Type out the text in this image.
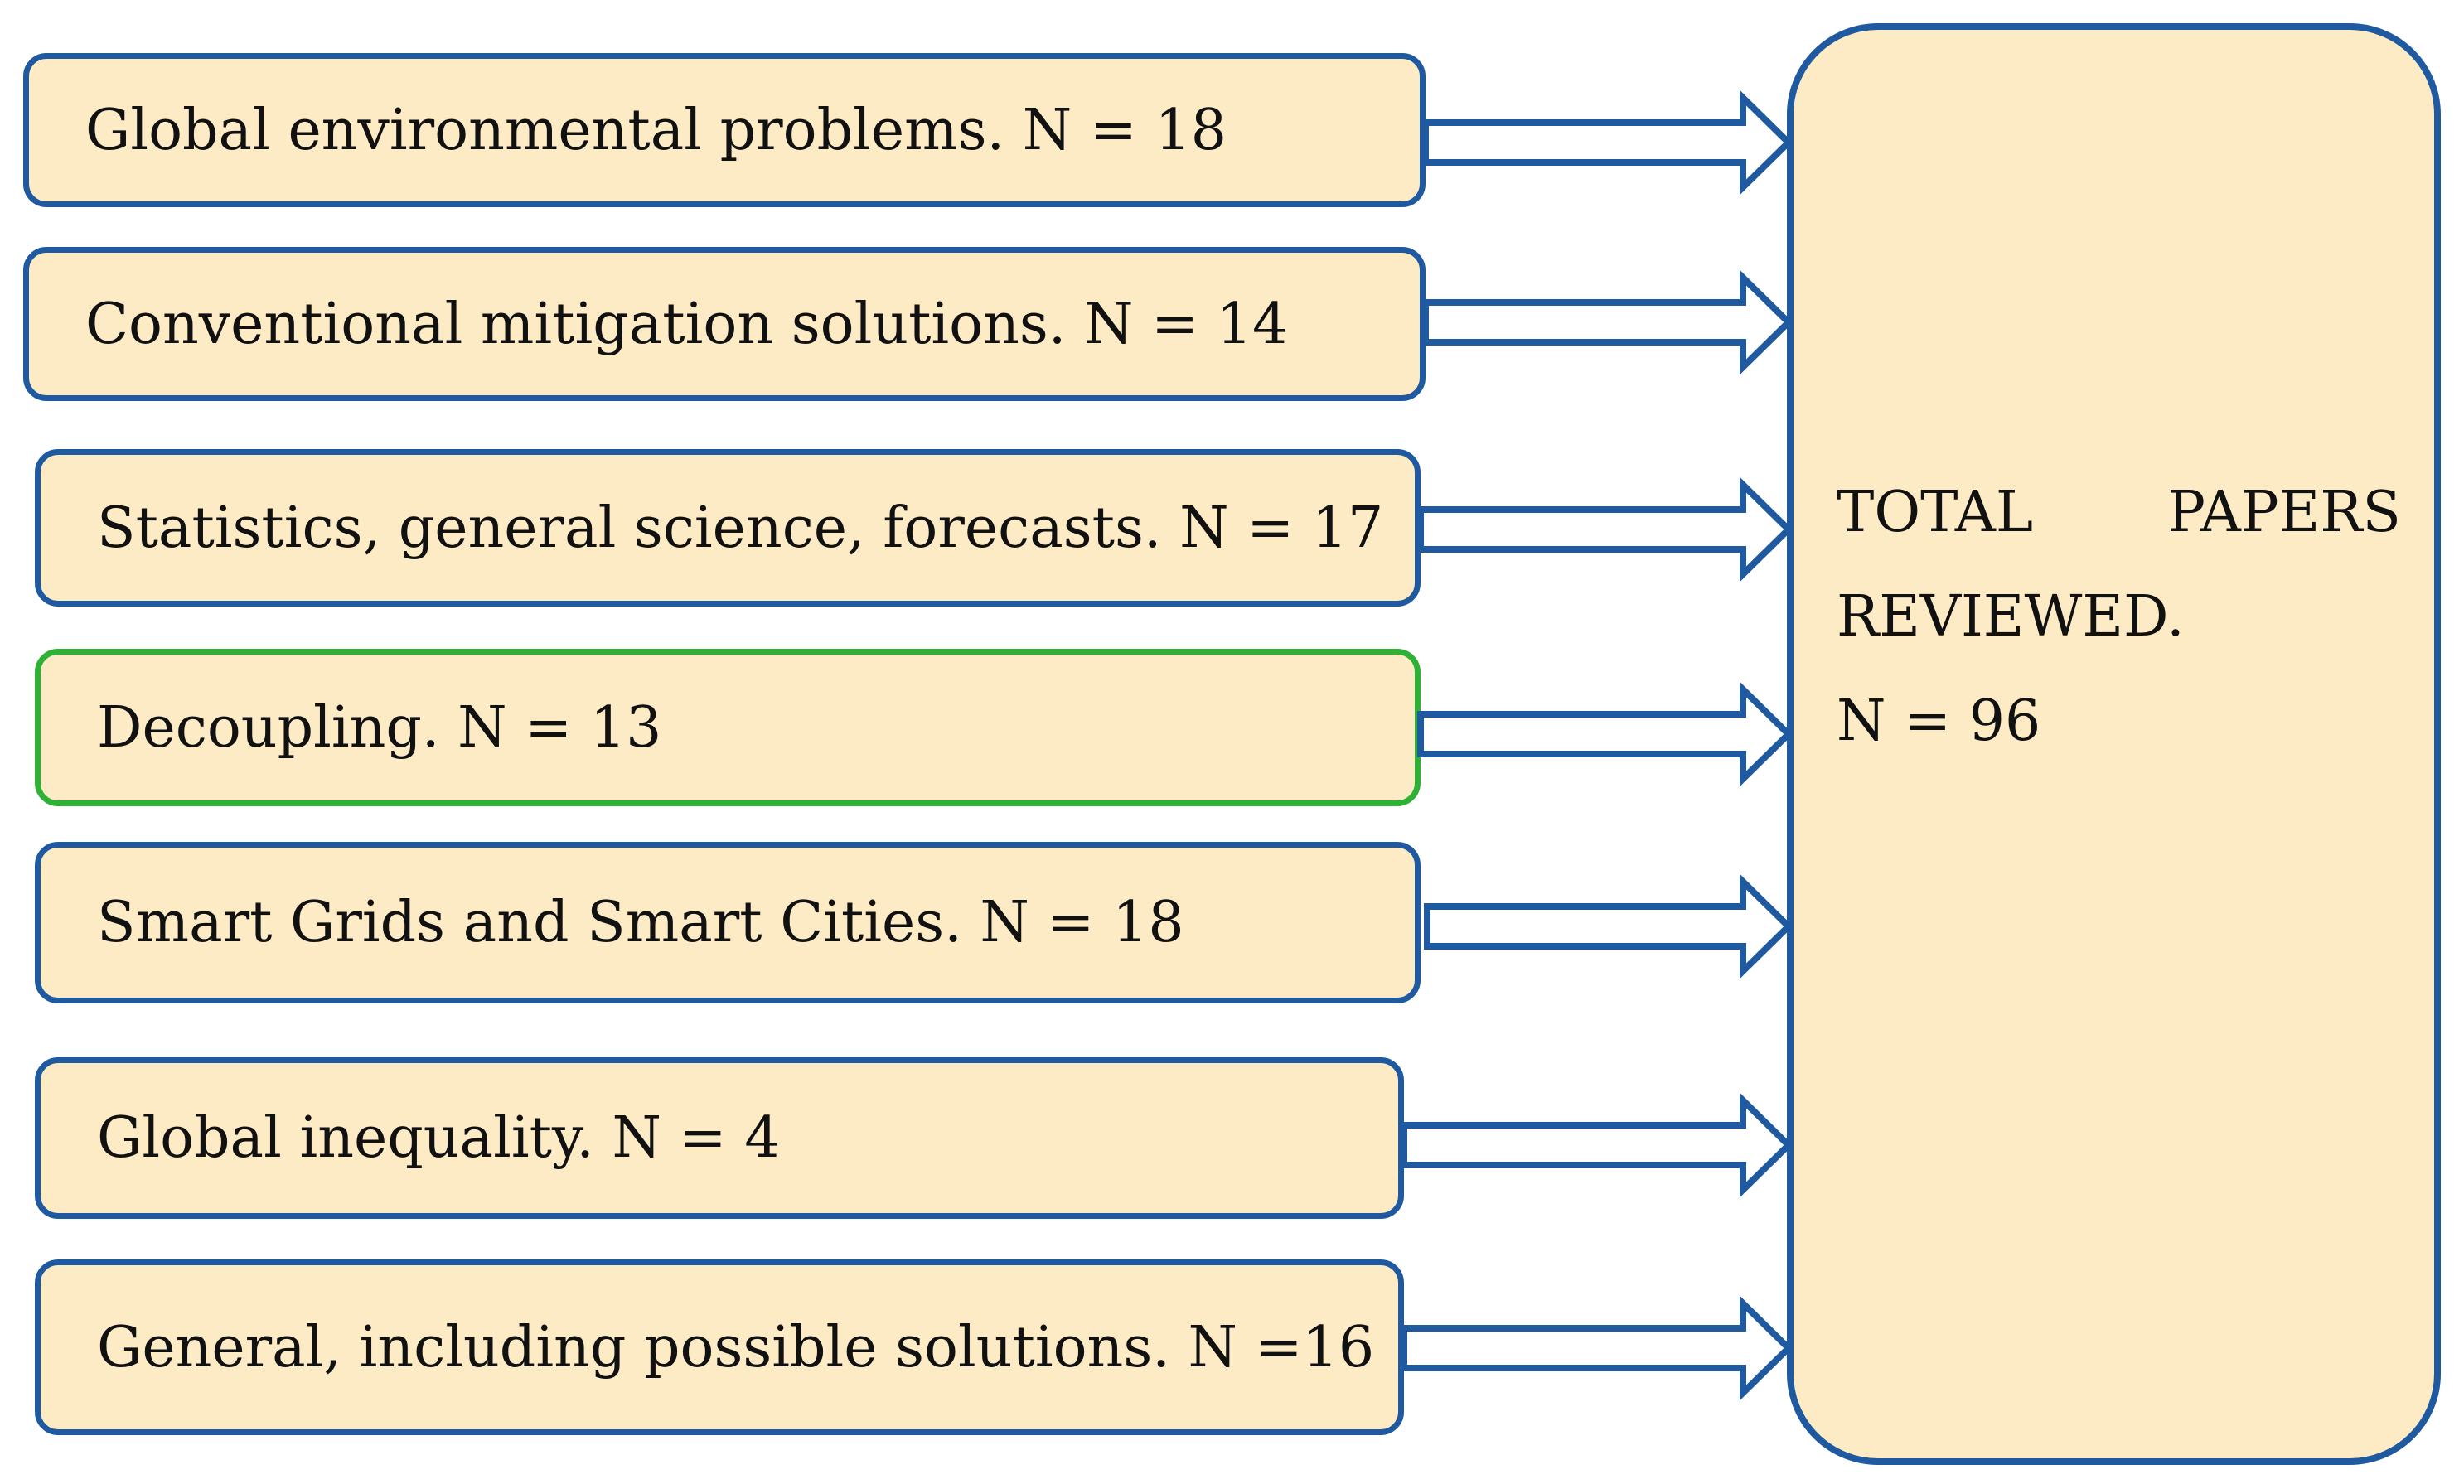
Global environmental problems. N = 18
Conventional mitigation solutions. N = 14
Statistics, general science, forecasts. N = 17
Decoupling. N = 13
Smart Grids and Smart Cities. N = 18
Global inequality. N = 4
General, including possible solutions. N =16
TOTAL PAPERS
REVIEWED.
N = 96
